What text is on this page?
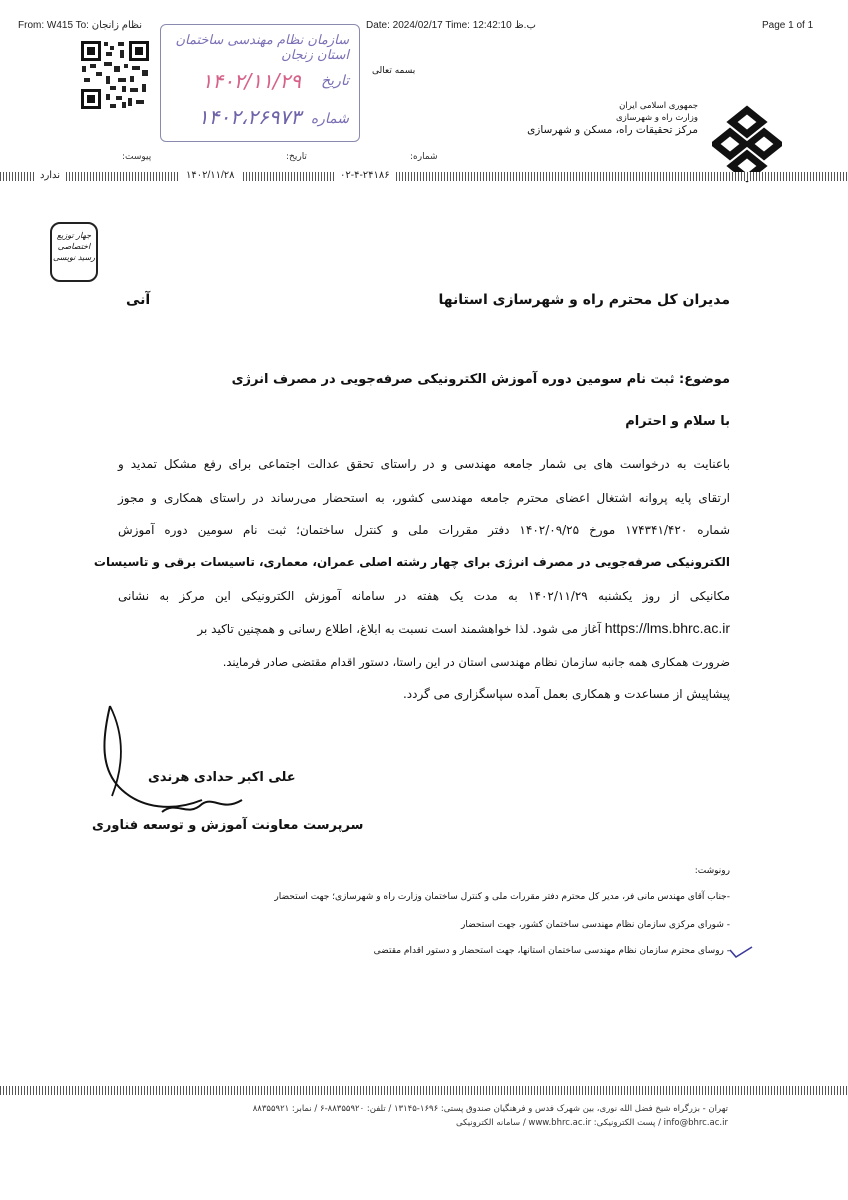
From: W415 To: نظام زانجان	Date: 2024/02/17 Time: 12:42:10 ب.ظ	Page 1 of 1
سازمان نظام مهندسی ساختمان استان زنجان
تاریخ
۱۴۰۲/۱۱/۲۹
شماره
۱۴۰۲،۲۶۹۷۳
بسمه تعالی
جمهوری اسلامی ایران
وزارت راه و شهرسازی
مرکز تحقیقات راه، مسکن و شهرسازی
شماره:
تاریخ:
پیوست:
۰۲-۴-۲۴۱۸۶
۱۴۰۲/۱۱/۲۸
ندارد
جهار توزیع
اختصاصی
رسید نویسی
مدیران کل محترم راه و شهرسازی استانها
آنی
موضوع: ثبت نام سومین دوره آموزش الکترونیکی صرفه‌جویی در مصرف انرژی
با سلام و احترام
باعنایت به درخواست های بی شمار جامعه مهندسی و در راستای تحقق عدالت اجتماعی برای رفع مشکل تمدید و
ارتقای پایه پروانه اشتغال اعضای محترم جامعه مهندسی کشور، به استحضار می‌رساند در راستای همکاری و مجوز
شماره ۱۷۴۳۴۱/۴۲۰ مورخ ۱۴۰۲/۰۹/۲۵ دفتر مقررات ملی و کنترل ساختمان؛ ثبت نام سومین دوره آموزش
الکترونیکی صرفه‌جویی در مصرف انرژی برای چهار رشته اصلی عمران، معماری، تاسیسات برقی و تاسیسات
مکانیکی از روز یکشنبه ۱۴۰۲/۱۱/۲۹ به مدت یک هفته در سامانه آموزش الکترونیکی این مرکز به نشانی
https://lms.bhrc.ac.ir آغاز می شود. لذا خواهشمند است نسبت به ابلاغ، اطلاع رسانی و همچنین تاکید بر
ضرورت همکاری همه جانبه سازمان نظام مهندسی استان در این راستا، دستور اقدام مقتضی صادر فرمایند.
پیشاپیش از مساعدت و همکاری بعمل آمده سپاسگزاری می گردد.
علی اکبر حدادی هرندی
سرپرست معاونت آموزش و توسعه فناوری
رونوشت:
-جناب آقای مهندس مانی فر، مدیر کل محترم دفتر مقررات ملی و کنترل ساختمان وزارت راه و شهرسازی؛ جهت استحضار
- شورای مرکزی سازمان نظام مهندسی ساختمان کشور، جهت استحضار
- روسای محترم سازمان نظام مهندسی ساختمان استانها، جهت استحضار و دستور اقدام مقتضی
تهران - بزرگراه شیخ فضل الله نوری، بین شهرک فدس و فرهنگیان صندوق پستی: ۱۶۹۶-۱۳۱۴۵ / تلفن: ۸۸۳۵۵۹۲۰-۶ / نمابر: ۸۸۳۵۵۹۲۱
info@bhrc.ac.ir / پست الکترونیکی: www.bhrc.ac.ir / سامانه الکترونیکی
